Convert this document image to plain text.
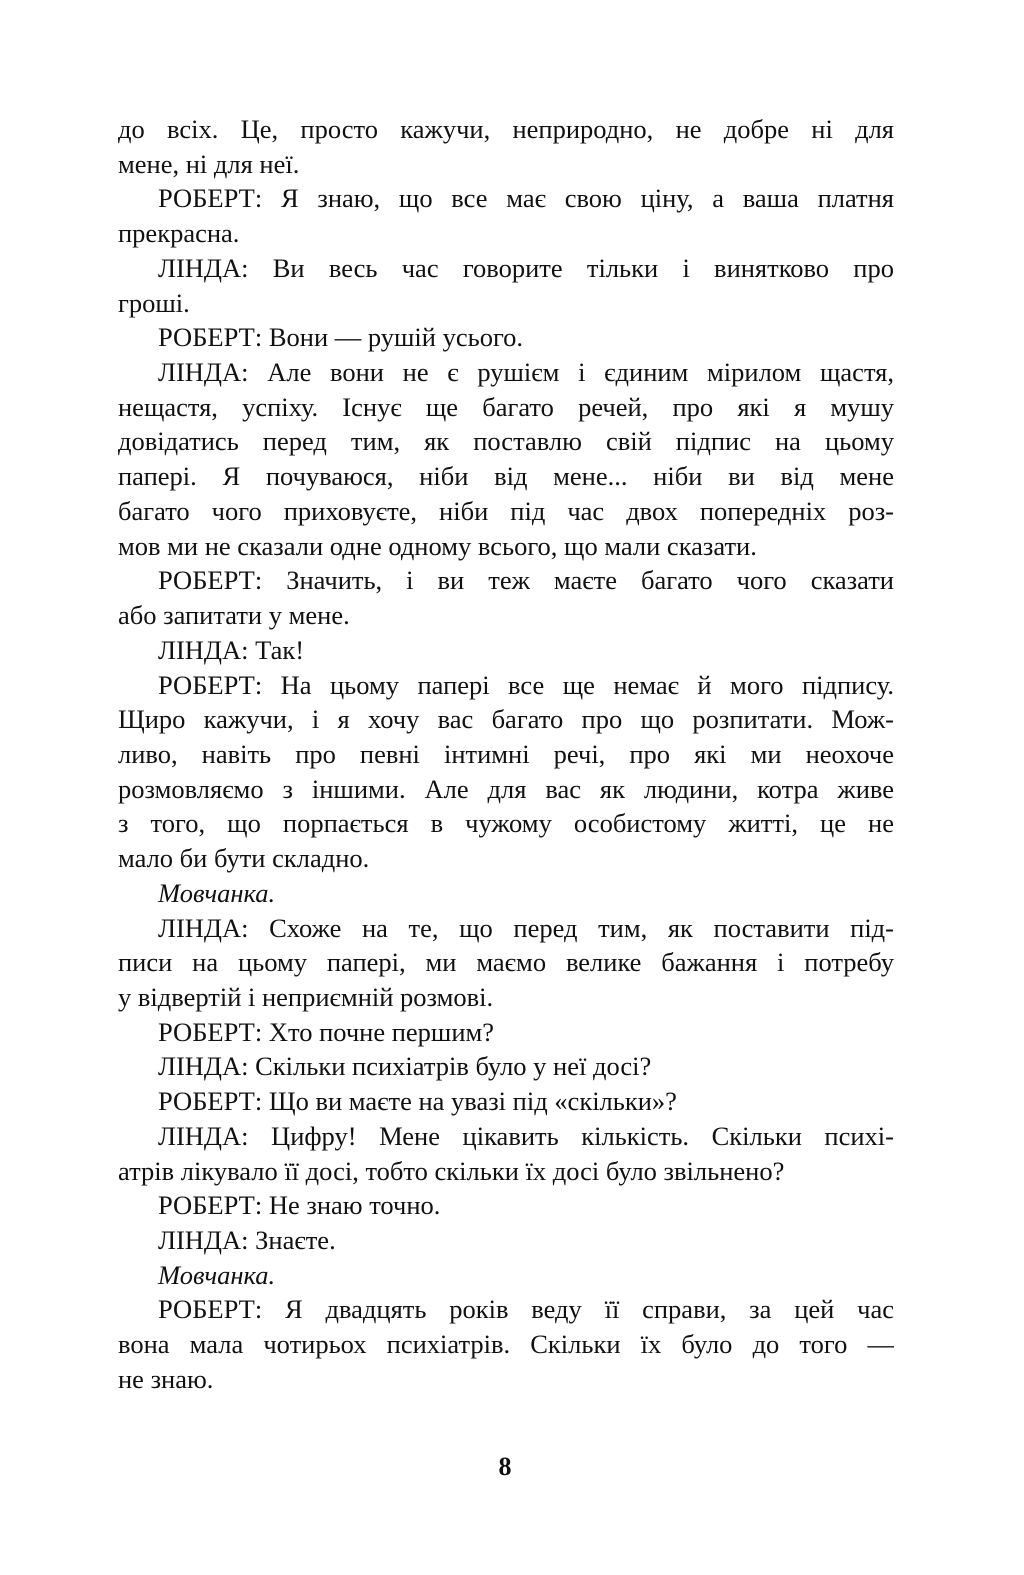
до всіх. Це, просто кажучи, неприродно, не добре ні для
мене, ні для неї.
РОБЕРТ: Я знаю, що все має свою ціну, а ваша платня
прекрасна.
ЛІНДА: Ви весь час говорите тільки і винятково про
гроші.
РОБЕРТ: Вони — рушій усього.
ЛІНДА: Але вони не є рушієм і єдиним мірилом щастя,
нещастя, успіху. Існує ще багато речей, про які я мушу
довідатись перед тим, як поставлю свій підпис на цьому
папері. Я почуваюся, ніби від мене... ніби ви від мене
багато чого приховуєте, ніби під час двох попередніх роз-
мов ми не сказали одне одному всього, що мали сказати.
РОБЕРТ: Значить, і ви теж маєте багато чого сказати
або запитати у мене.
ЛІНДА: Так!
РОБЕРТ: На цьому папері все ще немає й мого підпису.
Щиро кажучи, і я хочу вас багато про що розпитати. Мож-
ливо, навіть про певні інтимні речі, про які ми неохоче
розмовляємо з іншими. Але для вас як людини, котра живе
з того, що порпається в чужому особистому житті, це не
мало би бути складно.
Мовчанка.
ЛІНДА: Схоже на те, що перед тим, як поставити під-
писи на цьому папері, ми маємо велике бажання і потребу
у відвертій і неприємній розмові.
РОБЕРТ: Хто почне першим?
ЛІНДА: Скільки психіатрів було у неї досі?
РОБЕРТ: Що ви маєте на увазі під «скільки»?
ЛІНДА: Цифру! Мене цікавить кількість. Скільки психі-
атрів лікувало її досі, тобто скільки їх досі було звільнено?
РОБЕРТ: Не знаю точно.
ЛІНДА: Знаєте.
Мовчанка.
РОБЕРТ: Я двадцять років веду її справи, за цей час
вона мала чотирьох психіатрів. Скільки їх було до того —
не знаю.
8
